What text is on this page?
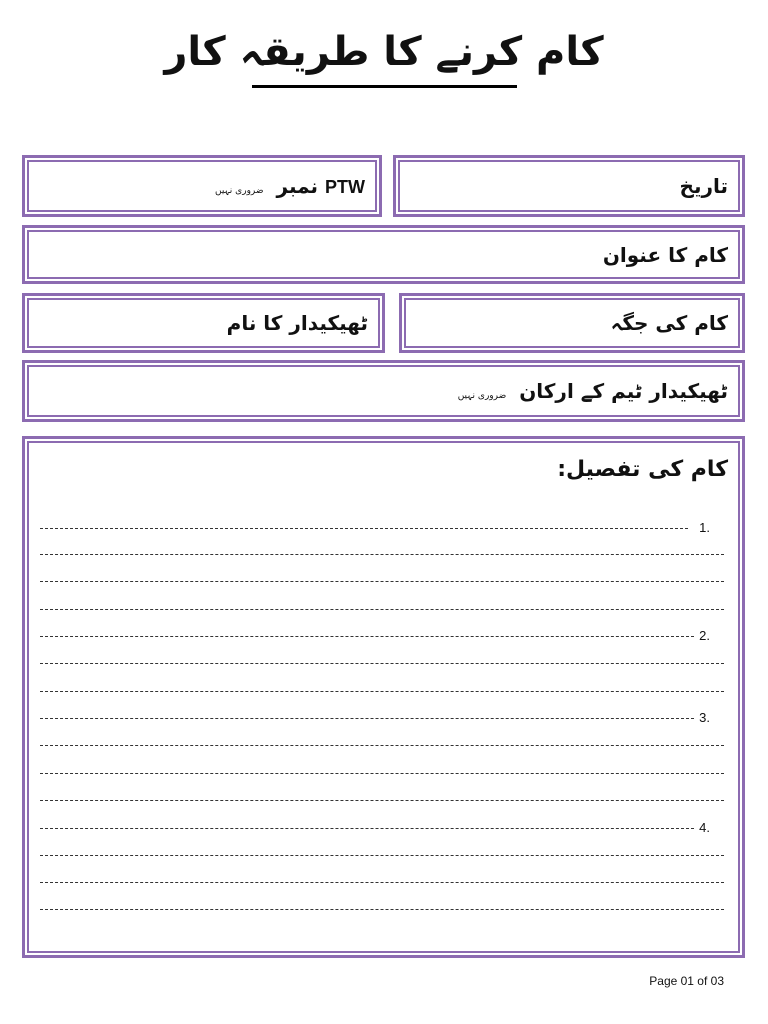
کام کرنے کا طریقہ کار
PTW نمبر ضروری نہیں	تاریخ
کام کا عنوان
ٹھیکیدار کا نام	کام کی جگہ
ٹھیکیدار ٹیم کے ارکان ضروری نہیں
کام کی تفصیل:
1.
2.
3.
4.
Page 01 of 03
